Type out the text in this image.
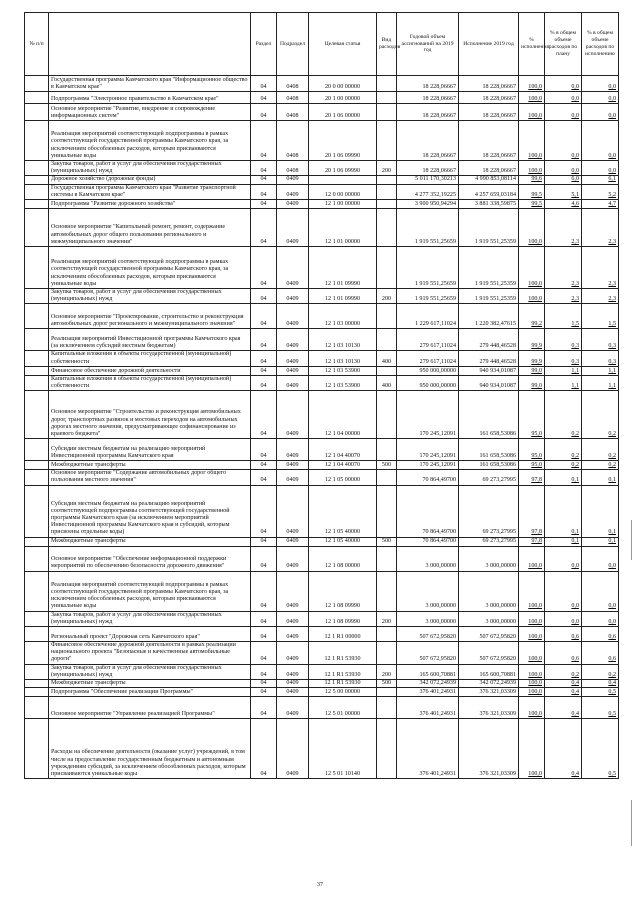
№ п/п		Раздел	Подраздел	Целевая статья	Вид расходов	Годовой объем ассигнований на 2019 год	Исполнение 2019 год	% исполнения	% в общем объеме расходов по плану	% в общем объеме расходов по исполнению
	Государственная программа Камчатского края "Информационное общество в Камчатском крае"	04	0408	20 0 00 00000		18 228,06667	18 228,06667	100,0	0,0	0,0
	Подпрограмма "Электронное правительство в Камчатском крае"	04	0408	20 1 00 00000		18 228,06667	18 228,06667	100,0	0,0	0,0
	Основное мероприятие "Развитие, внедрение и сопровождение информационных систем"	04	0408	20 1 06 00000		18 228,06667	18 228,06667	100,0	0,0	0,0
	Реализация мероприятий соответствующей подпрограммы в рамках соответствующей государственной программы Камчатского края, за исключением обособленных расходов, которым присваиваются уникальные коды	04	0408	20 1 06 09990		18 228,06667	18 228,06667	100,0	0,0	0,0
	Закупка товаров, работ и услуг для обеспечения государственных (муниципальных) нужд	04	0408	20 1 06 09990	200	18 228,06667	18 228,06667	100,0	0,0	0,0
	Дорожное хозяйство (дорожные фонды)	04	0409			5 011 170,30213	4 990 853,08114	99,6	6,0	6,1
	Государственная программа Камчатского края "Развитие транспортной системы в Камчатском крае"	04	0409	12 0 00 00000		4 277 352,19225	4 257 659,03184	99,5	5,1	5,2
	Подпрограмма "Развитие дорожного хозяйства"	04	0409	12 1 00 00000		3 900 950,94294	3 881 338,59875	99,5	4,6	4,7
	Основное мероприятие "Капитальный ремонт, ремонт, содержание автомобильных дорог общего пользования регионального и межмуниципального значения"	04	0409	12 1 01 00000		1 919 551,25659	1 919 551,25359	100,0	2,3	2,3
	Реализация мероприятий соответствующей подпрограммы в рамках соответствующей государственной программы Камчатского края, за исключением обособленных расходов, которым присваиваются уникальные коды	04	0409	12 1 01 09990		1 919 551,25659	1 919 551,25359	100,0	2,3	2,3
	Закупка товаров, работ и услуг для обеспечения государственных (муниципальных) нужд	04	0409	12 1 01 09990	200	1 919 551,25659	1 919 551,25359	100,0	2,3	2,3
	Основное мероприятие "Проектирование, строительство и реконструкция автомобильных дорог регионального и межмуниципального значения"	04	0409	12 1 03 00000		1 229 617,11024	1 220 382,47615	99,2	1,5	1,5
	Реализация мероприятий Инвестиционной программы Камчатского края (за исключением субсидий местным бюджетам)	04	0409	12 1 03 10130		279 617,11024	279 448,46528	99,9	0,3	0,3
	Капитальные вложения в объекты государственной (муниципальной) собственности	04	0409	12 1 03 10130	400	279 617,11024	279 448,46528	99,9	0,3	0,3
	Финансовое обеспечение дорожной деятельности	04	0409	12 1 03 53900		950 000,00000	940 934,01087	99,0	1,1	1,1
	Капитальные вложения в объекты государственной (муниципальной) собственности	04	0409	12 1 03 53900	400	950 000,00000	940 934,01087	99,0	1,1	1,1
	Основное мероприятие "Строительство и реконструкция автомобильных дорог, транспортных развязок и мостовых переходов на автомобильных дорогах местного значения, предусматривающее софинансирование из краевого бюджета"	04	0409	12 1 04 00000		170 245,12091	161 658,53086	95,0	0,2	0,2
	Субсидии местным бюджетам на реализацию мероприятий Инвестиционной программы Камчатского края	04	0409	12 1 04 40070		170 245,12091	161 658,53086	95,0	0,2	0,2
	Межбюджетные трансферты	04	0409	12 1 04 40070	500	170 245,12091	161 658,53086	95,0	0,2	0,2
	Основное мероприятие "Содержание автомобильных дорог общего пользования местного значения"	04	0409	12 1 05 00000		70 864,49700	69 273,27995	97,8	0,1	0,1
	Субсидии местным бюджетам на реализацию мероприятий соответствующей подпрограммы соответствующей государственной программы Камчатского края (за исключением мероприятий Инвестиционной программы Камчатского края и субсидий, которым присвоены отдельные коды)	04	0409	12 1 05 40000		70 864,49700	69 273,27995	97,8	0,1	0,1
	Межбюджетные трансферты	04	0409	12 1 05 40000	500	70 864,49700	69 273,27995	97,8	0,1	0,1
	Основное мероприятие "Обеспечение информационной поддержки мероприятий по обеспечению безопасности дорожного движения"	04	0409	12 1 08 00000		3 000,00000	3 000,00000	100,0	0,0	0,0
	Реализация мероприятий соответствующей подпрограммы в рамках соответствующей государственной программы Камчатского края, за исключением обособленных расходов, которым присваиваются уникальные коды	04	0409	12 1 08 09990		3 000,00000	3 000,00000	100,0	0,0	0,0
	Закупка товаров, работ и услуг для обеспечения государственных (муниципальных) нужд	04	0409	12 1 08 09990	200	3 000,00000	3 000,00000	100,0	0,0	0,0
	Региональный проект "Дорожная сеть Камчатского края"	04	0409	12 1 R1 00000		507 672,95820	507 672,95820	100,0	0,6	0,6
	Финансовое обеспечение дорожной деятельности в рамках реализации национального проекта "Безопасные и качественные автомобильные дороги"	04	0409	12 1 R1 53930		507 672,95820	507 672,95820	100,0	0,6	0,6
	Закупка товаров, работ и услуг для обеспечения государственных (муниципальных) нужд	04	0409	12 1 R1 53930	200	165 600,70881	165 600,70881	100,0	0,2	0,2
	Межбюджетные трансферты	04	0409	12 1 R1 53930	500	342 072,24939	342 072,24939	100,0	0,4	0,4
	Подпрограмма "Обеспечение реализации Программы"	04	0409	12 5 00 00000		376 401,24931	376 321,03309	100,0	0,4	0,5
	Основное мероприятие "Управление реализацией Программы"	04	0409	12 5 01 00000		376 401,24931	376 321,03309	100,0	0,4	0,5
	Расходы на обеспечение деятельности (оказание услуг) учреждений, в том числе на предоставление государственным бюджетным и автономным учреждениям субсидий, за исключением обособленных расходов, которым присваиваются уникальные коды	04	0409	12 5 01 10140		376 401,24931	376 321,03309	100,0	0,4	0,5
37
